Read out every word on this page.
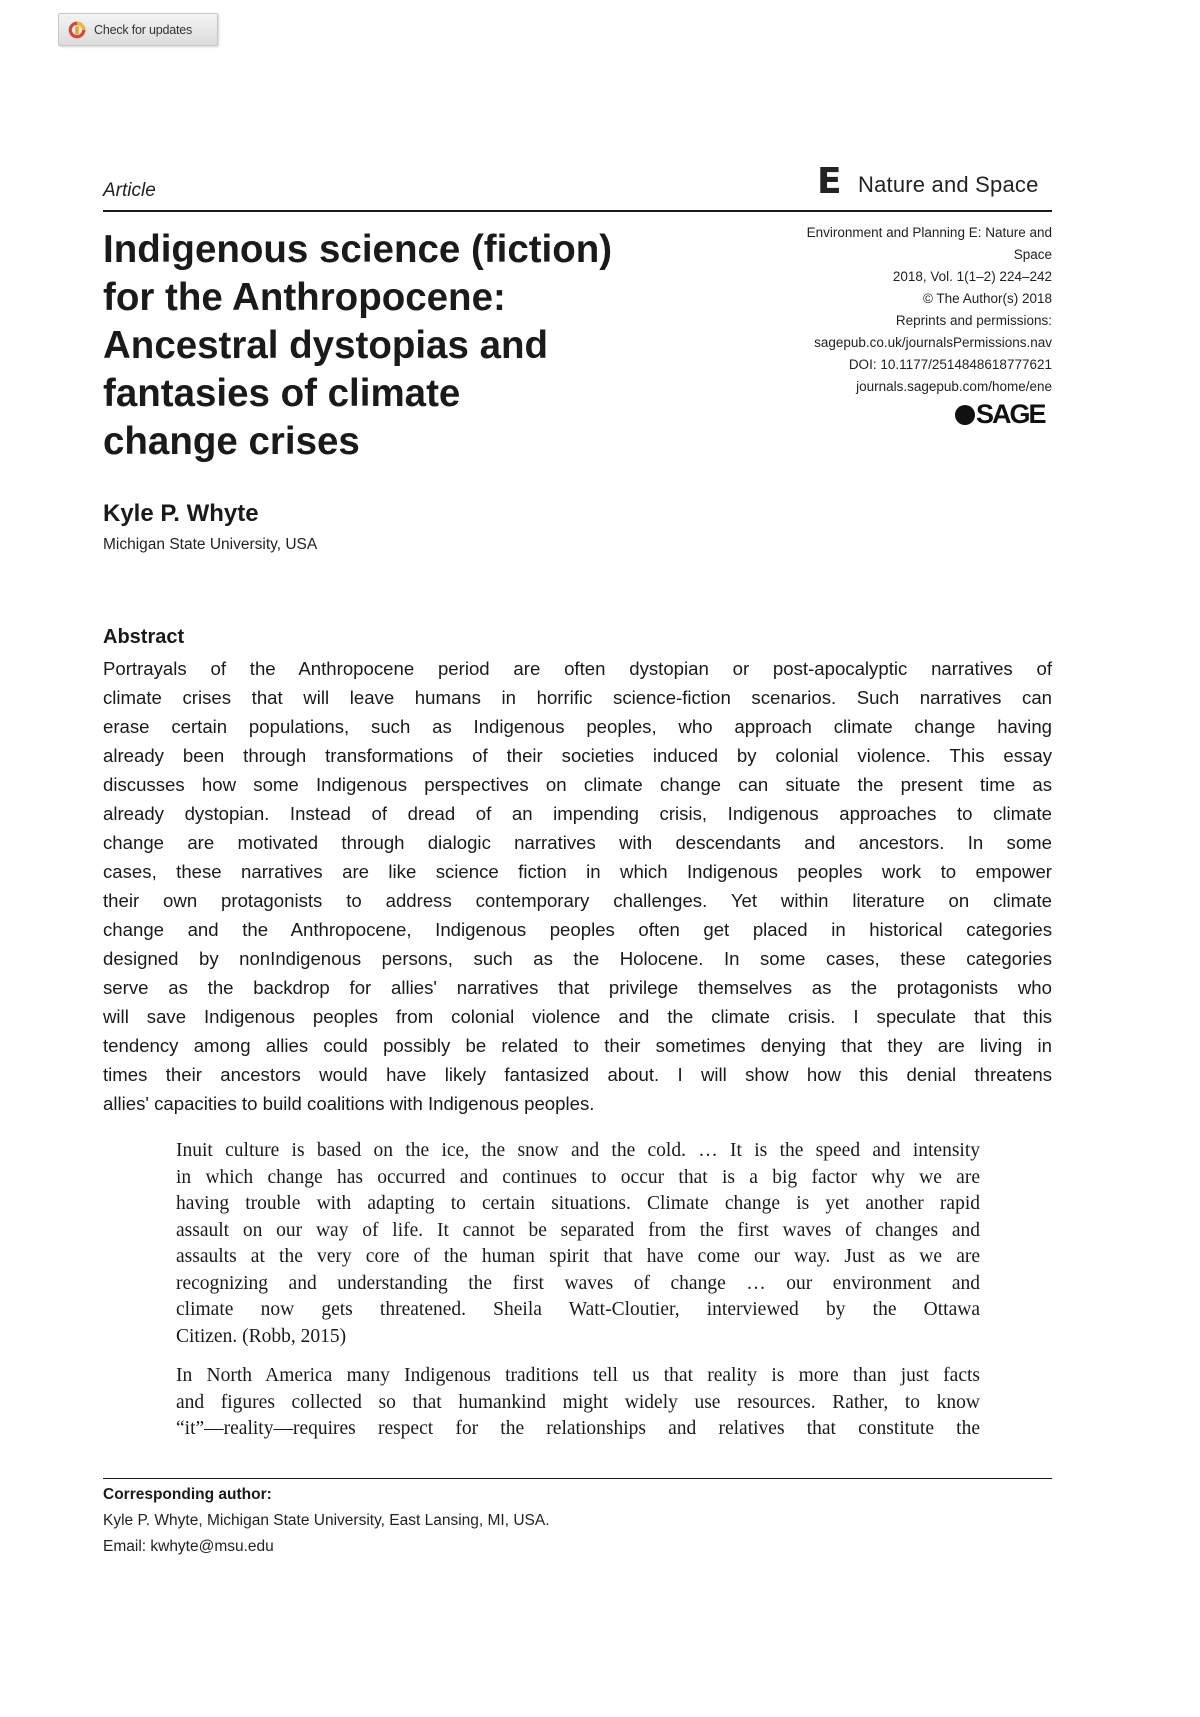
Check for updates
Article	E Nature and Space
Indigenous science (fiction)
for the Anthropocene:
Ancestral dystopias and
fantasies of climate
change crises
Environment and Planning E: Nature and
Space
2018, Vol. 1(1–2) 224–242
© The Author(s) 2018
Reprints and permissions:
sagepub.co.uk/journalsPermissions.nav
DOI: 10.1177/2514848618777621
journals.sagepub.com/home/ene
SAGE
Kyle P. Whyte
Michigan State University, USA
Abstract
Portrayals of the Anthropocene period are often dystopian or post-apocalyptic narratives of
climate crises that will leave humans in horrific science-fiction scenarios. Such narratives can
erase certain populations, such as Indigenous peoples, who approach climate change having
already been through transformations of their societies induced by colonial violence. This essay
discusses how some Indigenous perspectives on climate change can situate the present time as
already dystopian. Instead of dread of an impending crisis, Indigenous approaches to climate
change are motivated through dialogic narratives with descendants and ancestors. In some
cases, these narratives are like science fiction in which Indigenous peoples work to empower
their own protagonists to address contemporary challenges. Yet within literature on climate
change and the Anthropocene, Indigenous peoples often get placed in historical categories
designed by nonIndigenous persons, such as the Holocene. In some cases, these categories
serve as the backdrop for allies' narratives that privilege themselves as the protagonists who
will save Indigenous peoples from colonial violence and the climate crisis. I speculate that this
tendency among allies could possibly be related to their sometimes denying that they are living in
times their ancestors would have likely fantasized about. I will show how this denial threatens
allies' capacities to build coalitions with Indigenous peoples.
Inuit culture is based on the ice, the snow and the cold. … It is the speed and intensity
in which change has occurred and continues to occur that is a big factor why we are
having trouble with adapting to certain situations. Climate change is yet another rapid
assault on our way of life. It cannot be separated from the first waves of changes and
assaults at the very core of the human spirit that have come our way. Just as we are
recognizing and understanding the first waves of change … our environment and
climate now gets threatened. Sheila Watt-Cloutier, interviewed by the Ottawa
Citizen. (Robb, 2015)
In North America many Indigenous traditions tell us that reality is more than just facts
and figures collected so that humankind might widely use resources. Rather, to know
“it”—reality—requires respect for the relationships and relatives that constitute the
Corresponding author:
Kyle P. Whyte, Michigan State University, East Lansing, MI, USA.
Email: kwhyte@msu.edu
